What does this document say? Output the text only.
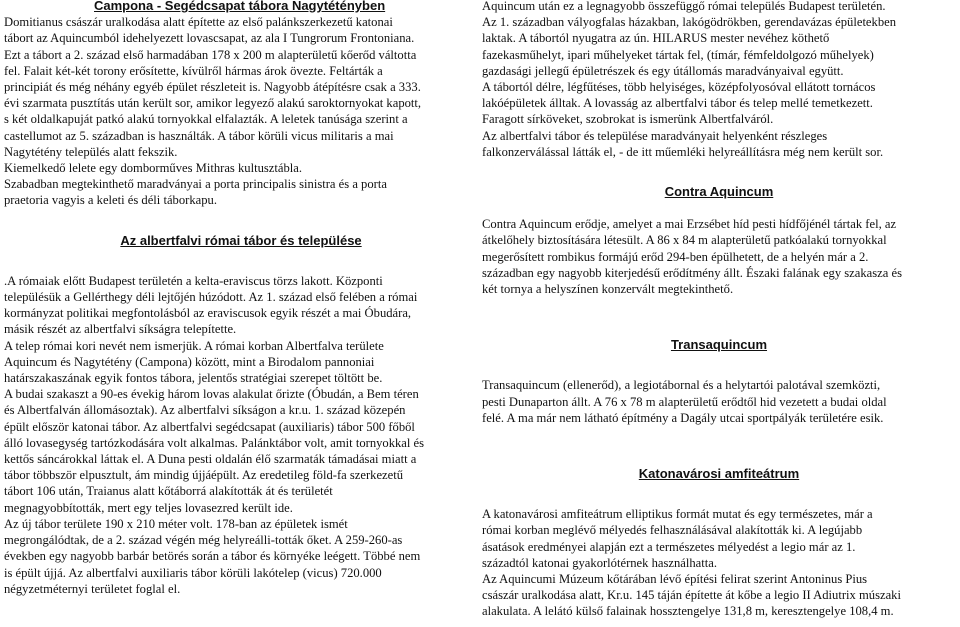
Campona - Segédcsapat tábora Nagytétényben

Domitianus császár uralkodása alatt építette az első palánkszerkezetű katonai

tábort az Aquincumból idehelyezett lovascsapat, az ala I Tungrorum Frontoniana.

Ezt a tábort a 2. század első harmadában 178 x 200 m alapterületű kőerőd váltotta

fel. Falait két-két torony erősítette, kívülről hármas árok övezte. Feltárták a

principiát és még néhány egyéb épület részleteit is. Nagyobb átépítésre csak a 333.

évi szarmata pusztítás után került sor, amikor legyező alakú saroktornyokat kapott,

s két oldalkapuját patkó alakú tornyokkal elfalazták. A leletek tanúsága szerint a

castellumot az 5. században is használták. A tábor körüli vicus militaris a mai

Nagytétény település alatt fekszik.

Kiemelkedő lelete egy domborműves Mithras kultusztábla.

Szabadban megtekinthető maradványai a porta principalis sinistra és a porta

praetoria vagyis a keleti és déli táborkapu.

Az albertfalvi római tábor és települése

.A rómaiak előtt Budapest területén a kelta-eraviscus törzs lakott. Központi

településük a Gellérthegy déli lejtőjén húzódott. Az 1. század első felében a római

kormányzat politikai megfontolásból az eraviscusok egyik részét a mai Óbudára,

másik részét az albertfalvi síkságra telepítette.

A telep római kori nevét nem ismerjük. A római korban Albertfalva területe

Aquincum és Nagytétény (Campona) között, mint a Birodalom pannoniai

határszakaszának egyik fontos tábora, jelentős stratégiai szerepet töltött be.

A budai szakaszt a 90-es évekig három lovas alakulat őrizte (Óbudán, a Bem téren

és Albertfalván állomásoztak). Az albertfalvi síkságon a kr.u. 1. század közepén

épült először katonai tábor. Az albertfalvi segédcsapat (auxiliaris) tábor 500 főből

álló lovasegység tartózkodására volt alkalmas. Palánktábor volt, amit tornyokkal és

kettős sáncárokkal láttak el. A Duna pesti oldalán élő szarmaták támadásai miatt a

tábor többször elpusztult, ám mindig újjáépült. Az eredetileg föld-fa szerkezetű

tábort 106 után, Traianus alatt kőtáborrá alakították át és területét

megnagyobbították, mert egy teljes lovasezred került ide.

Az új tábor területe 190 x 210 méter volt. 178-ban az épületek ismét

megrongálódtak, de a 2. század végén még helyreálli-tották őket. A 259-260-as

években egy nagyobb barbár betörés során a tábor és környéke leégett. Többé nem

is épült újjá. Az albertfalvi auxiliaris tábor körüli lakótelep (vicus) 720.000

négyzetméternyi területet foglal el.

Aquincum után ez a legnagyobb összefüggő római település Budapest területén.

Az 1. században vályogfalas házakban, lakógödrökben, gerendavázas épületekben

laktak. A tábortól nyugatra az ún. HILARUS mester nevéhez köthető

fazekasműhelyt, ipari műhelyeket tártak fel, (tímár, fémfeldolgozó műhelyek)

gazdasági jellegű épületrészek és egy útállomás maradványaival együtt.

A tábortól délre, légfűtéses, több helyiséges, középfolyosóval ellátott tornácos

lakóépületek álltak. A lovasság az albertfalvi tábor és telep mellé temetkezett.

Faragott sírköveket, szobrokat is ismerünk Albertfalváról.

Az albertfalvi tábor és települése maradványait helyenként részleges

falkonzerválással látták el, - de itt műemléki helyreállításra még nem került sor.

Contra Aquincum

Contra Aquincum erődje, amelyet a mai Erzsébet híd pesti hídfőjénél tártak fel, az

átkelőhely biztosítására létesült. A 86 x 84 m alapterületű patkóalakú tornyokkal

megerősített rombikus formájú erőd 294-ben épülhetett, de a helyén már a 2.

században egy nagyobb kiterjedésű erődítmény állt. Északi falának egy szakasza és

két tornya a helyszínen konzervált megtekinthető.

Transaquincum

Transaquincum (ellenerőd), a legiotábornal és a helytartói palotával szemközti,

pesti Dunaparton állt. A 76 x 78 m alapterületű erődtől hid vezetett a budai oldal

felé. A ma már nem látható építmény a Dagály utcai sportpályák területére esik.

Katonavárosi amfiteátrum

A katonavárosi amfiteátrum elliptikus formát mutat és egy természetes, már a

római korban meglévő mélyedés felhasználásával alakították ki. A legújabb

ásatások eredményei alapján ezt a természetes mélyedést a legio már az 1.

századtól katonai gyakorlótérnek használhatta.

Az Aquincumi Múzeum kőtárában lévő építési felirat szerint Antoninus Pius

császár uralkodása alatt, Kr.u. 145 táján építette át kőbe a legio II Adiutrix múszaki

alakulata. A lelátó külső falainak hossztengelye 131,8 m, keresztengelye 108,4 m.
